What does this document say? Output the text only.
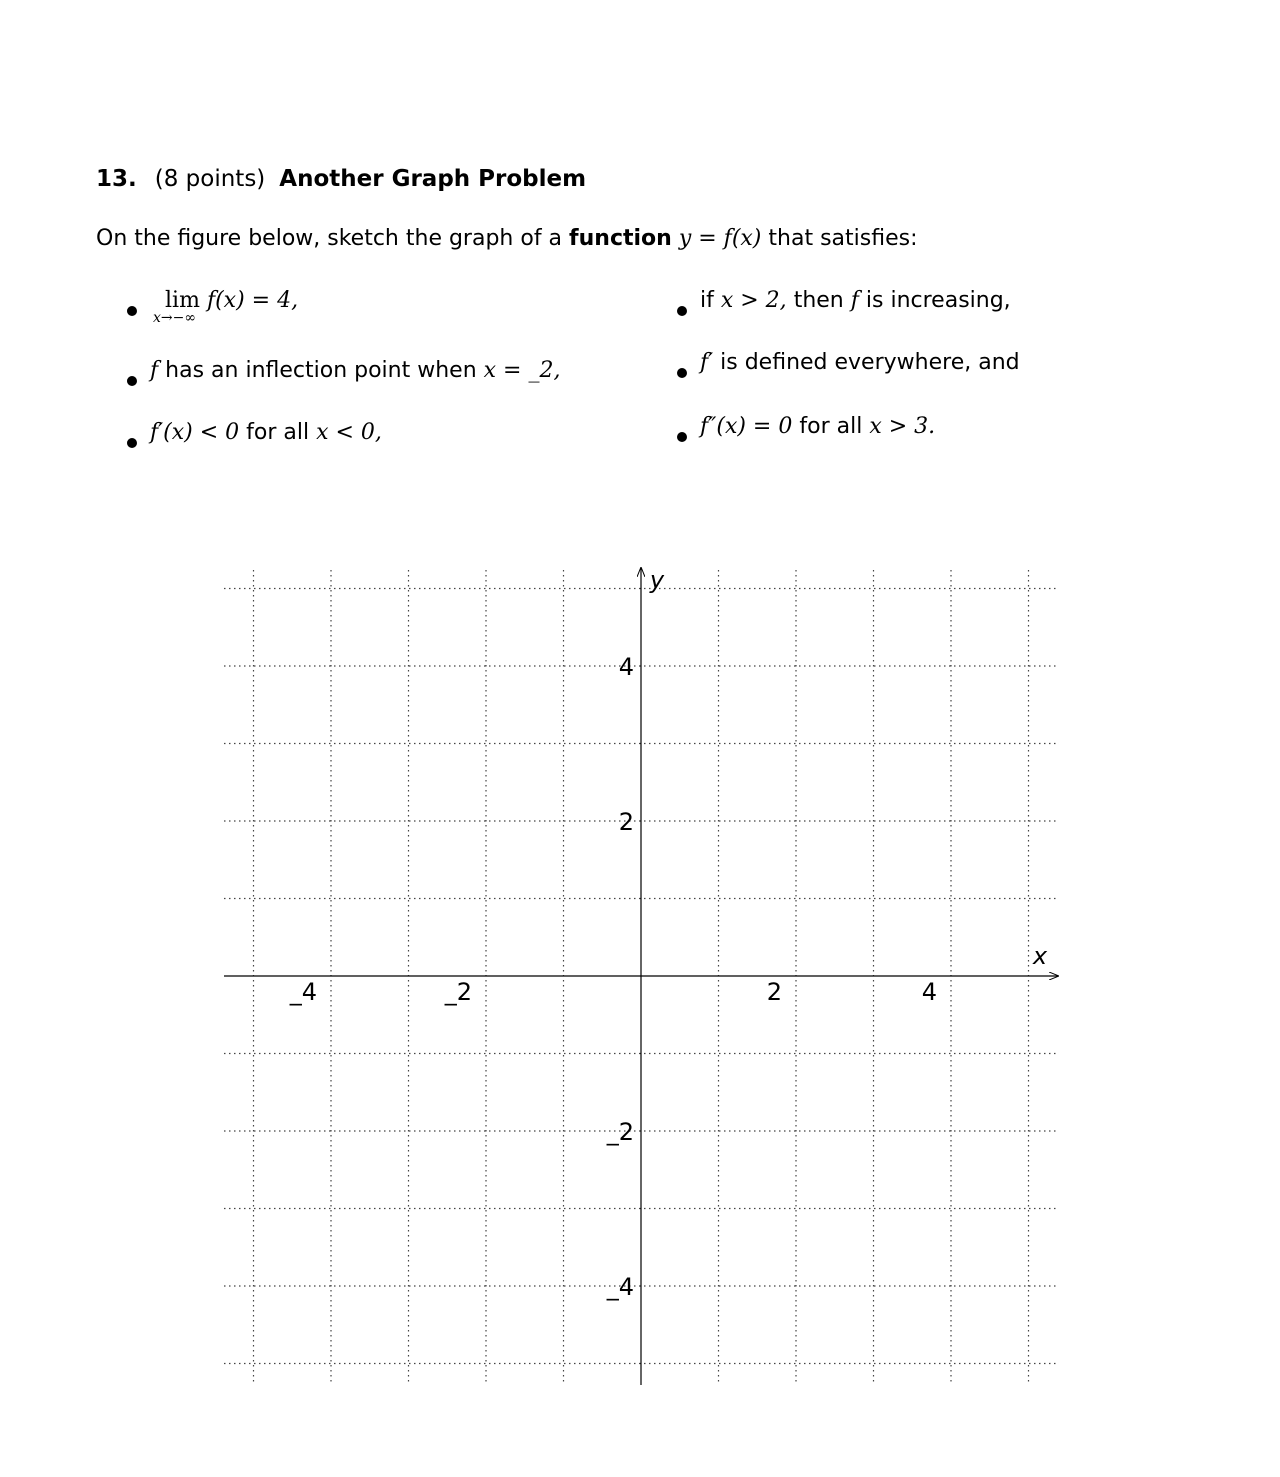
13. (8 points) Another Graph Problem
On the figure below, sketch the graph of a function y = f(x) that satisfies:
lim
x→−∞
f(x) = 4,
f has an inflection point when x = _2,
f′(x) < 0 for all x < 0,
if x > 2, then f is increasing,
f′ is defined everywhere, and
f″(x) = 0 for all x > 3.
x
y
_4	_2	2	4
4
2
_2
_4
